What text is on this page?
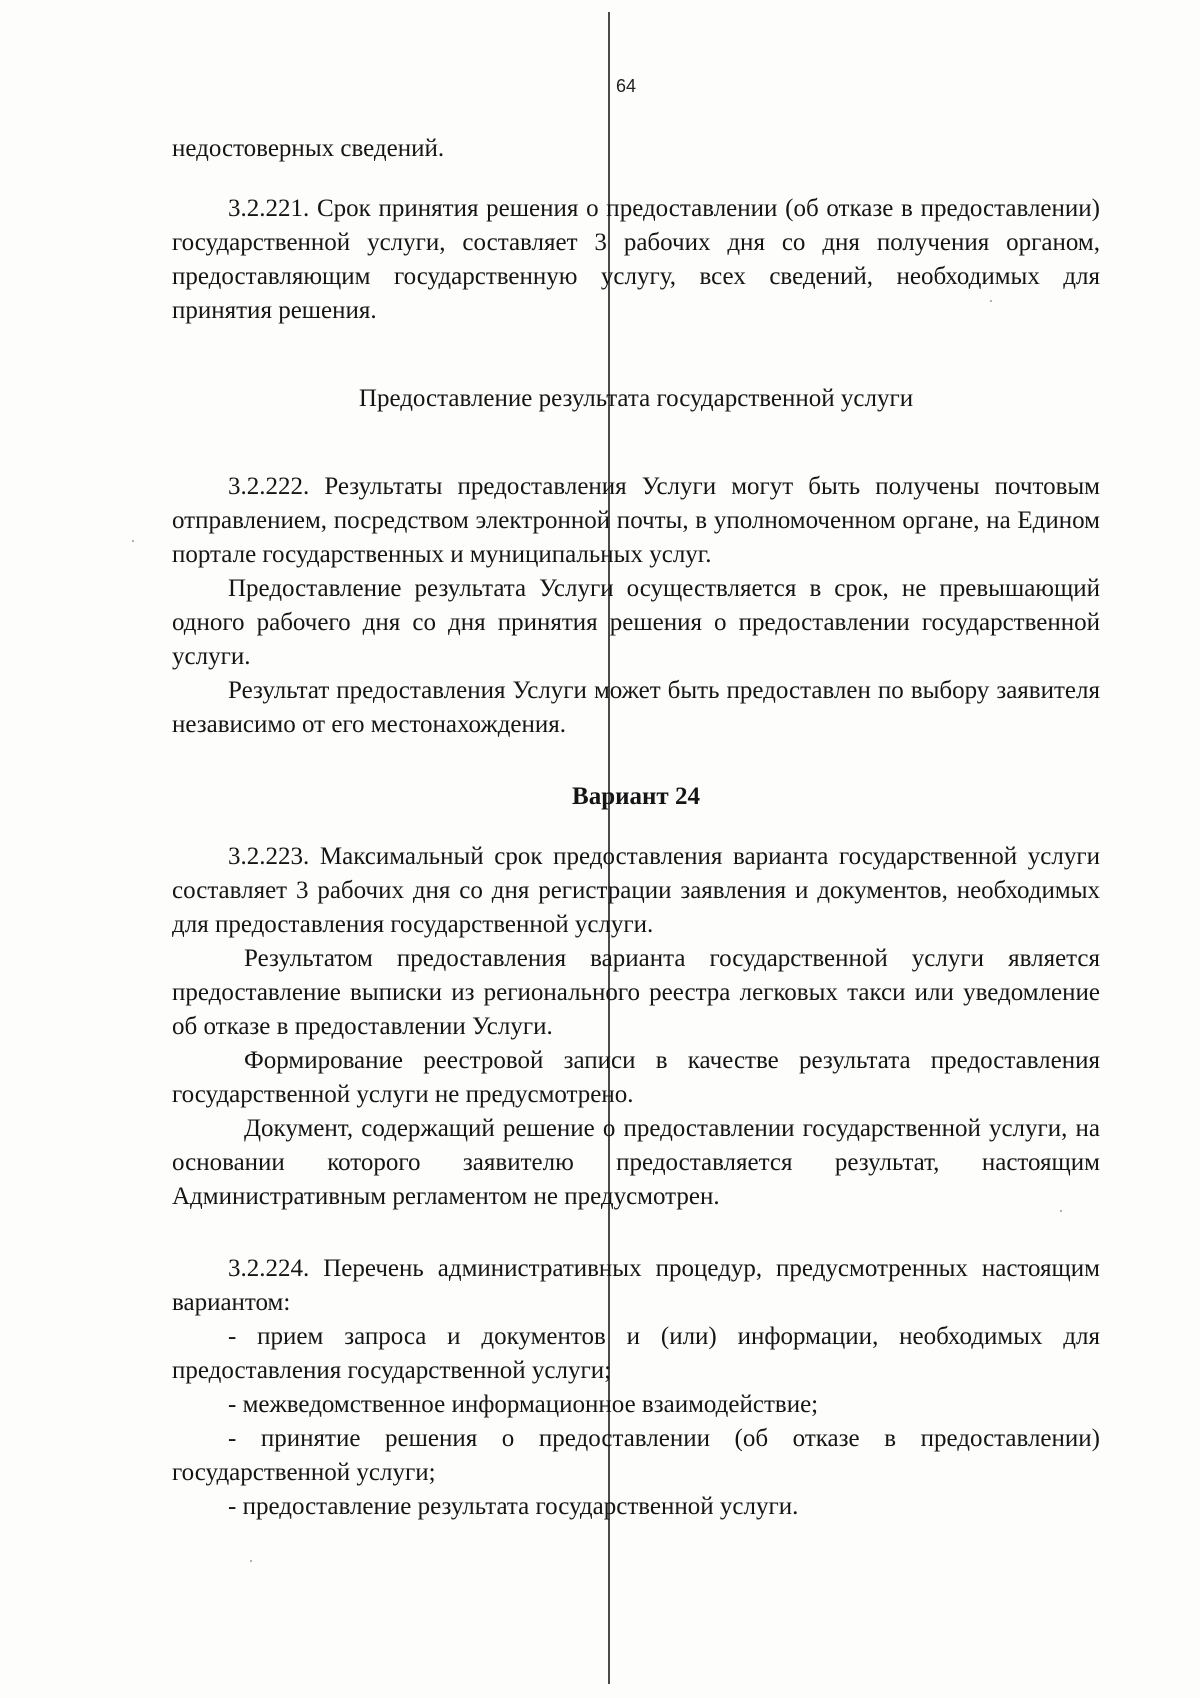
64

недостоверных сведений.

3.2.221. Срок принятия решения о предоставлении (об отказе в предоставлении) государственной услуги, составляет 3 рабочих дня со дня получения органом, предоставляющим государственную услугу, всех сведений, необходимых для принятия решения.

Предоставление результата государственной услуги

3.2.222. Результаты предоставления Услуги могут быть получены почтовым отправлением, посредством электронной почты, в уполномоченном органе, на Едином портале государственных и муниципальных услуг.

Предоставление результата Услуги осуществляется в срок, не превышающий одного рабочего дня со дня принятия решения о предоставлении государственной услуги.

Результат предоставления Услуги может быть предоставлен по выбору заявителя независимо от его местонахождения.

Вариант 24

3.2.223. Максимальный срок предоставления варианта государственной услуги составляет 3 рабочих дня со дня регистрации заявления и документов, необходимых для предоставления государственной услуги.

Результатом предоставления варианта государственной услуги является предоставление выписки из регионального реестра легковых такси или уведомление об отказе в предоставлении Услуги.

Формирование реестровой записи в качестве результата предоставления государственной услуги не предусмотрено.

Документ, содержащий решение о предоставлении государственной услуги, на основании которого заявителю предоставляется результат, настоящим Административным регламентом не предусмотрен.

3.2.224. Перечень административных процедур, предусмотренных настоящим вариантом:

- прием запроса и документов и (или) информации, необходимых для предоставления государственной услуги;

- межведомственное информационное взаимодействие;

- принятие решения о предоставлении (об отказе в предоставлении) государственной услуги;

- предоставление результата государственной услуги.
